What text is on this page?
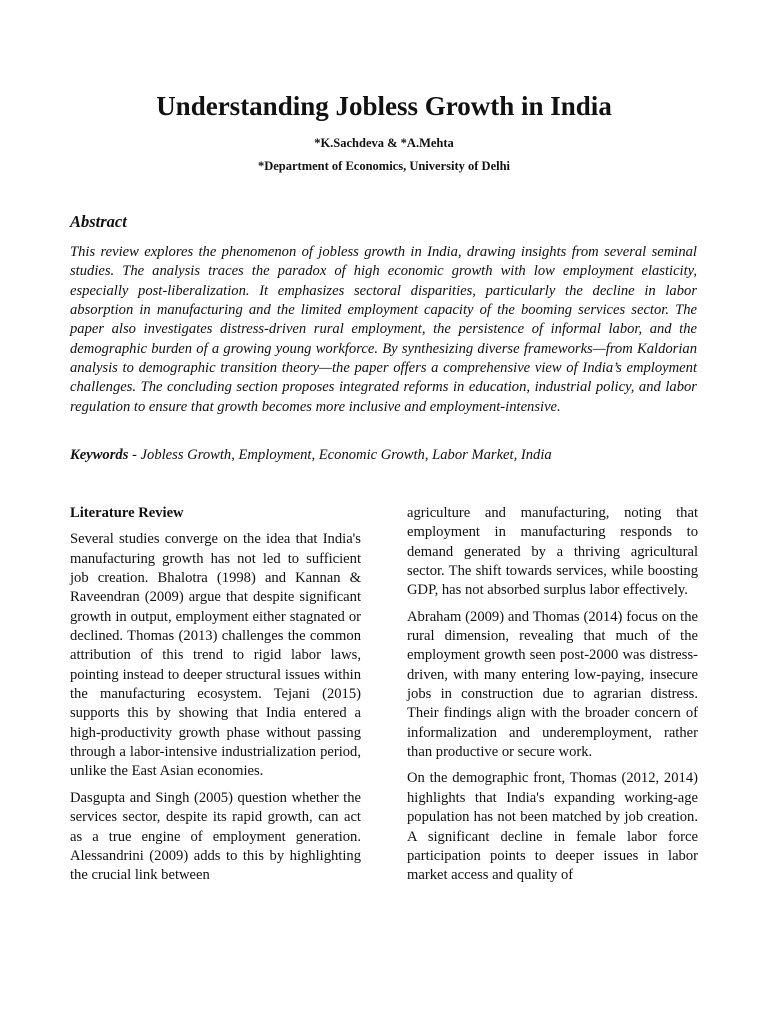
Understanding Jobless Growth in India
*K.Sachdeva & *A.Mehta
*Department of Economics, University of Delhi
Abstract

This review explores the phenomenon of jobless growth in India, drawing insights from several seminal studies. The analysis traces the paradox of high economic growth with low employment elasticity, especially post-liberalization. It emphasizes sectoral disparities, particularly the decline in labor absorption in manufacturing and the limited employment capacity of the booming services sector. The paper also investigates distress-driven rural employment, the persistence of informal labor, and the demographic burden of a growing young workforce. By synthesizing diverse frameworks—from Kaldorian analysis to demographic transition theory—the paper offers a comprehensive view of India’s employment challenges. The concluding section proposes integrated reforms in education, industrial policy, and labor regulation to ensure that growth becomes more inclusive and employment-intensive.

Keywords - Jobless Growth, Employment, Economic Growth, Labor Market, India

Literature Review

Several studies converge on the idea that India's manufacturing growth has not led to sufficient job creation. Bhalotra (1998) and Kannan & Raveendran (2009) argue that despite significant growth in output, employment either stagnated or declined. Thomas (2013) challenges the common attribution of this trend to rigid labor laws, pointing instead to deeper structural issues within the manufacturing ecosystem. Tejani (2015) supports this by showing that India entered a high-productivity growth phase without passing through a labor-intensive industrialization period, unlike the East Asian economies.

Dasgupta and Singh (2005) question whether the services sector, despite its rapid growth, can act as a true engine of employment generation. Alessandrini (2009) adds to this by highlighting the crucial link between

agriculture and manufacturing, noting that employment in manufacturing responds to demand generated by a thriving agricultural sector. The shift towards services, while boosting GDP, has not absorbed surplus labor effectively.

Abraham (2009) and Thomas (2014) focus on the rural dimension, revealing that much of the employment growth seen post-2000 was distress-driven, with many entering low-paying, insecure jobs in construction due to agrarian distress. Their findings align with the broader concern of informalization and underemployment, rather than productive or secure work.

On the demographic front, Thomas (2012, 2014) highlights that India's expanding working-age population has not been matched by job creation. A significant decline in female labor force participation points to deeper issues in labor market access and quality of
